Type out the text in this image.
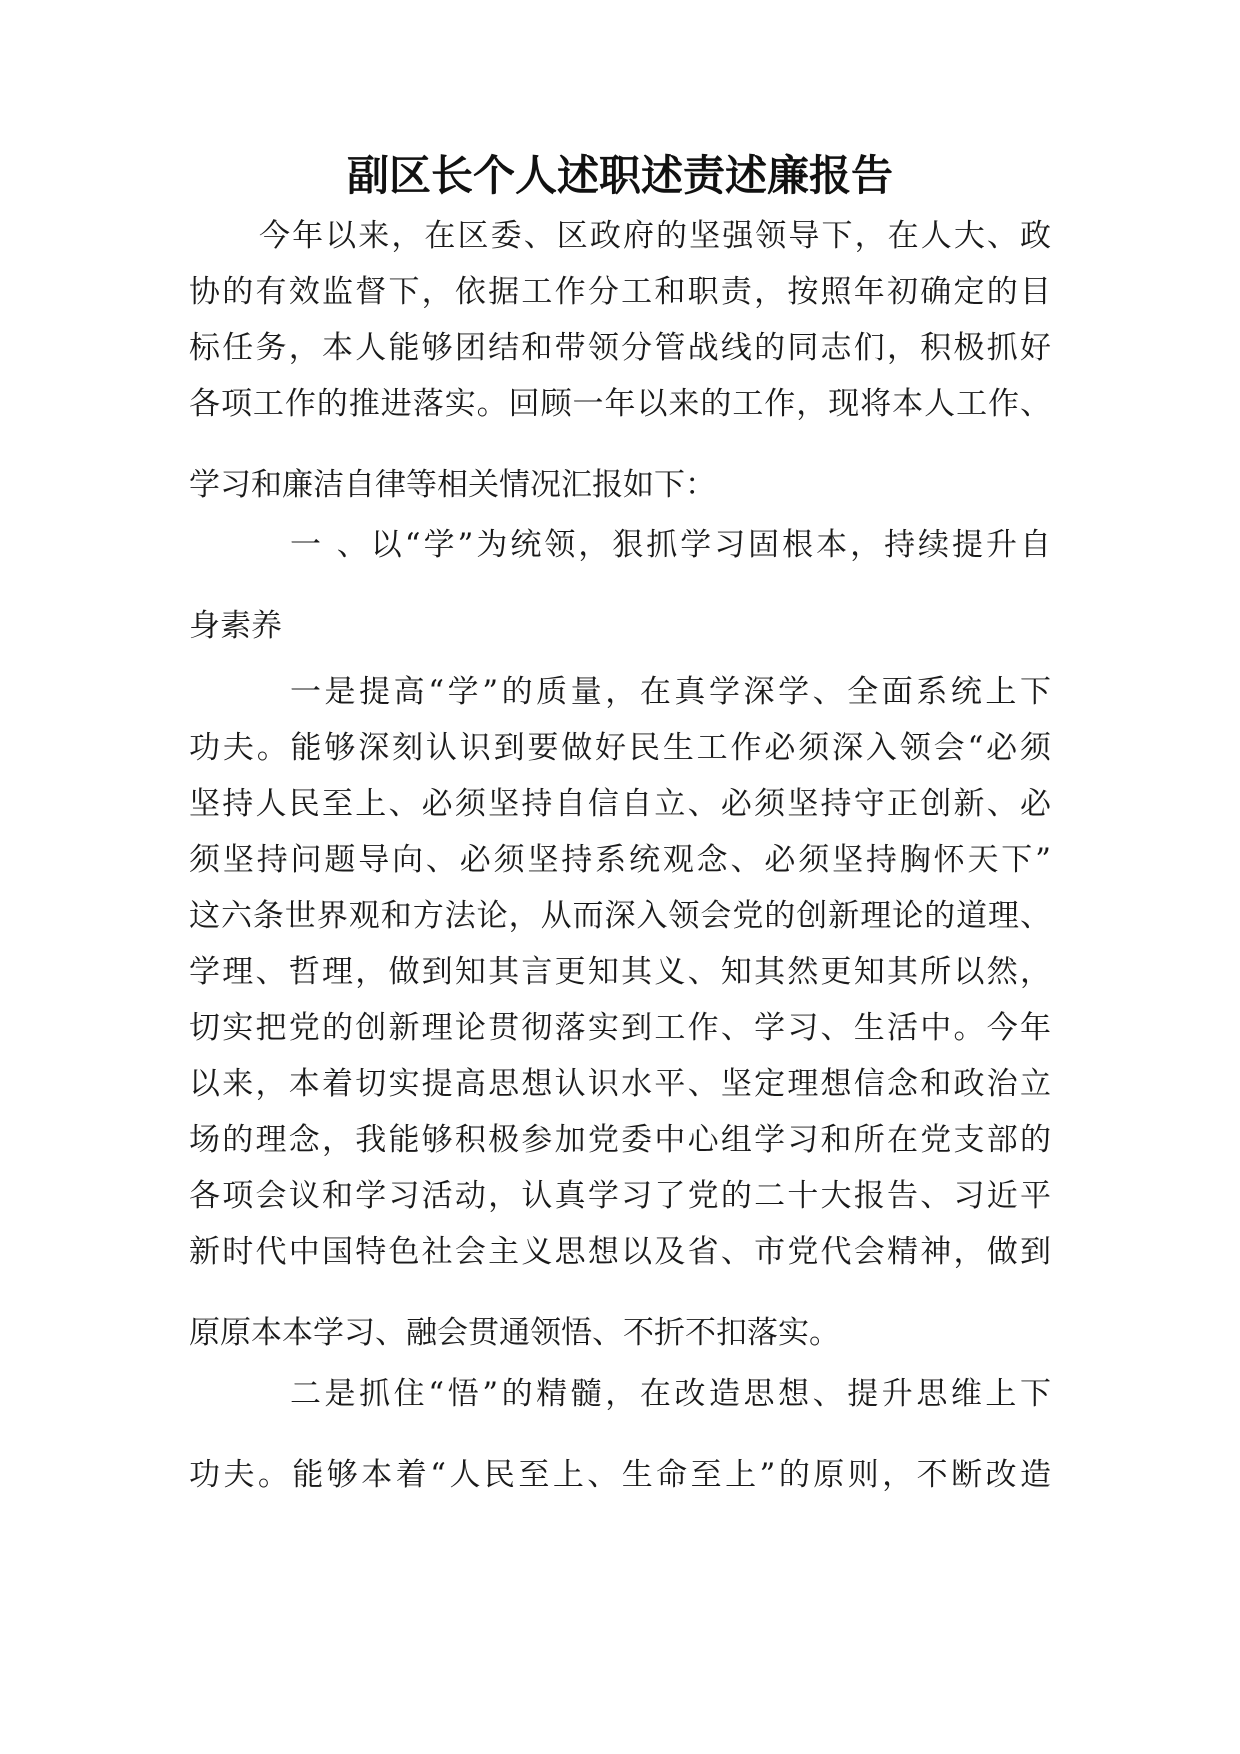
副区长个人述职述责述廉报告
今年以来，在区委、区政府的坚强领导下，在人大、政
协的有效监督下，依据工作分工和职责，按照年初确定的目
标任务，本人能够团结和带领分管战线的同志们，积极抓好
各项工作的推进落实。回顾一年以来的工作，现将本人工作、
学习和廉洁自律等相关情况汇报如下：
一 、以“学”为统领，狠抓学习固根本，持续提升自
身素养
一是提高“学”的质量，在真学深学、全面系统上下
功夫。能够深刻认识到要做好民生工作必须深入领会“必须
坚持人民至上、必须坚持自信自立、必须坚持守正创新、必
须坚持问题导向、必须坚持系统观念、必须坚持胸怀天下”
这六条世界观和方法论，从而深入领会党的创新理论的道理、
学理、哲理，做到知其言更知其义、知其然更知其所以然，
切实把党的创新理论贯彻落实到工作、学习、生活中。今年
以来，本着切实提高思想认识水平、坚定理想信念和政治立
场的理念，我能够积极参加党委中心组学习和所在党支部的
各项会议和学习活动，认真学习了党的二十大报告、习近平
新时代中国特色社会主义思想以及省、市党代会精神，做到
原原本本学习、融会贯通领悟、不折不扣落实。
二是抓住“悟”的精髓，在改造思想、提升思维上下
功夫。能够本着“人民至上、生命至上”的原则，不断改造
